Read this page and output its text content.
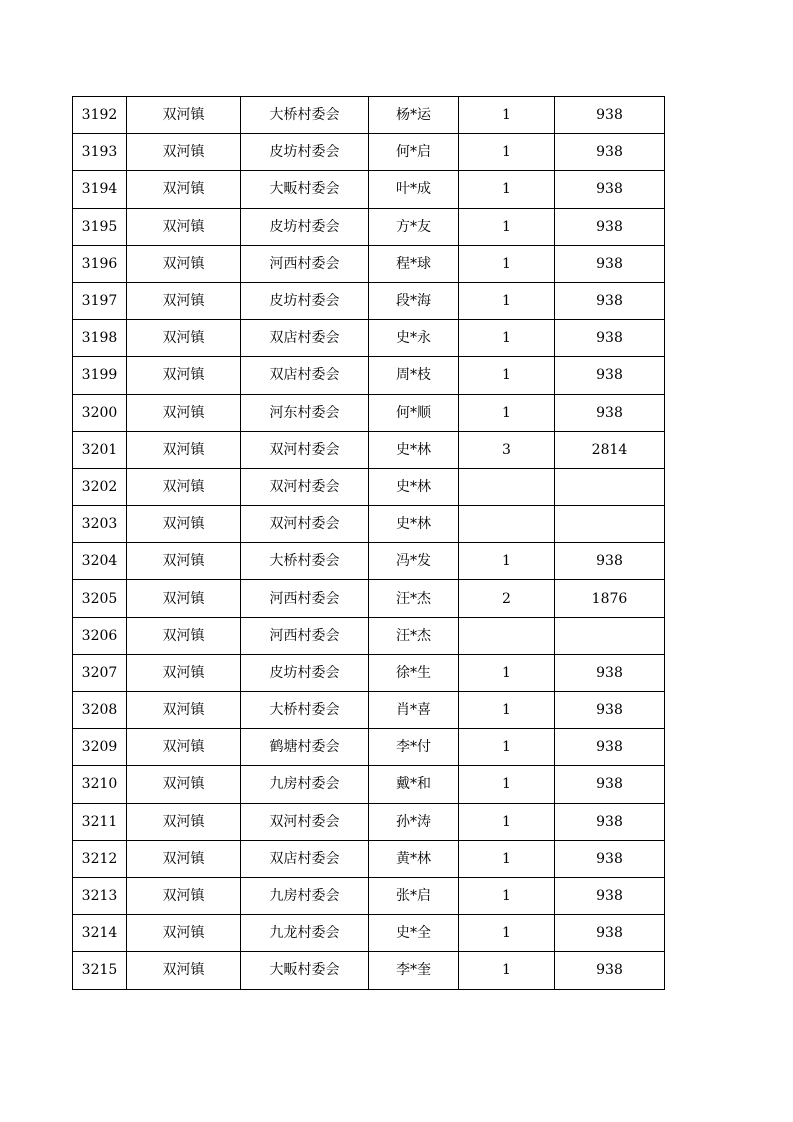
3192	双河镇	大桥村委会	杨*运	1	938
3193	双河镇	皮坊村委会	何*启	1	938
3194	双河镇	大畈村委会	叶*成	1	938
3195	双河镇	皮坊村委会	方*友	1	938
3196	双河镇	河西村委会	程*球	1	938
3197	双河镇	皮坊村委会	段*海	1	938
3198	双河镇	双店村委会	史*永	1	938
3199	双河镇	双店村委会	周*枝	1	938
3200	双河镇	河东村委会	何*顺	1	938
3201	双河镇	双河村委会	史*林	3	2814
3202	双河镇	双河村委会	史*林		
3203	双河镇	双河村委会	史*林		
3204	双河镇	大桥村委会	冯*发	1	938
3205	双河镇	河西村委会	汪*杰	2	1876
3206	双河镇	河西村委会	汪*杰		
3207	双河镇	皮坊村委会	徐*生	1	938
3208	双河镇	大桥村委会	肖*喜	1	938
3209	双河镇	鹤塘村委会	李*付	1	938
3210	双河镇	九房村委会	戴*和	1	938
3211	双河镇	双河村委会	孙*涛	1	938
3212	双河镇	双店村委会	黄*林	1	938
3213	双河镇	九房村委会	张*启	1	938
3214	双河镇	九龙村委会	史*全	1	938
3215	双河镇	大畈村委会	李*奎	1	938
